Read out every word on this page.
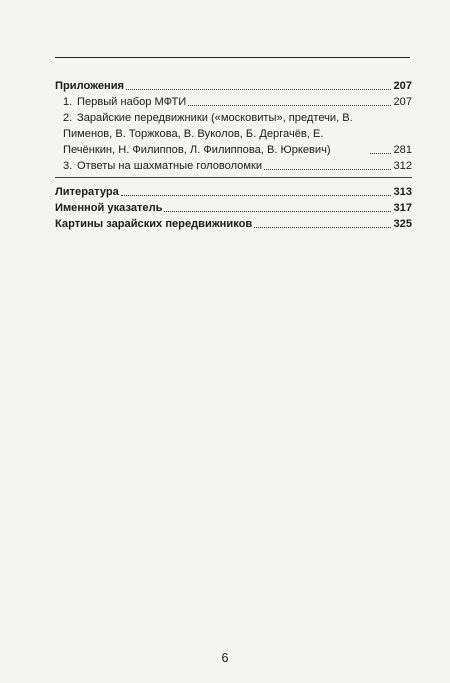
Приложения	207
1. Первый набор МФТИ	207
2. Зарайские передвижники («московиты», предтечи, В. Пименов, В. Торжкова, В. Вуколов, Б. Дергачёв, Е. Печёнкин, Н. Филиппов, Л. Филиппова, В. Юркевич)	281
3. Ответы на шахматные головоломки	312
Литература	313
Именной указатель	317
Картины зарайских передвижников	325
6
